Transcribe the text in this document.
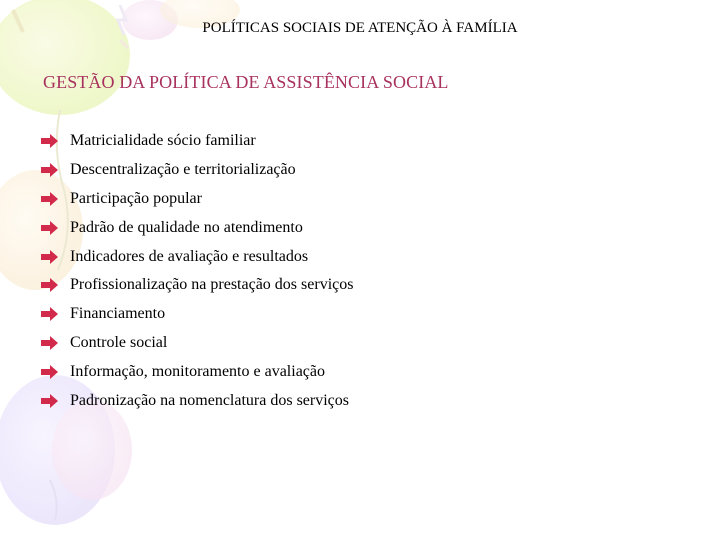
POLÍTICAS SOCIAIS DE ATENÇÃO À FAMÍLIA
GESTÃO DA POLÍTICA DE ASSISTÊNCIA SOCIAL
Matricialidade sócio familiar
Descentralização e territorialização
Participação popular
Padrão de qualidade no atendimento
Indicadores de avaliação e resultados
Profissionalização na prestação dos serviços
Financiamento
Controle social
Informação, monitoramento e avaliação
Padronização na nomenclatura dos serviços
